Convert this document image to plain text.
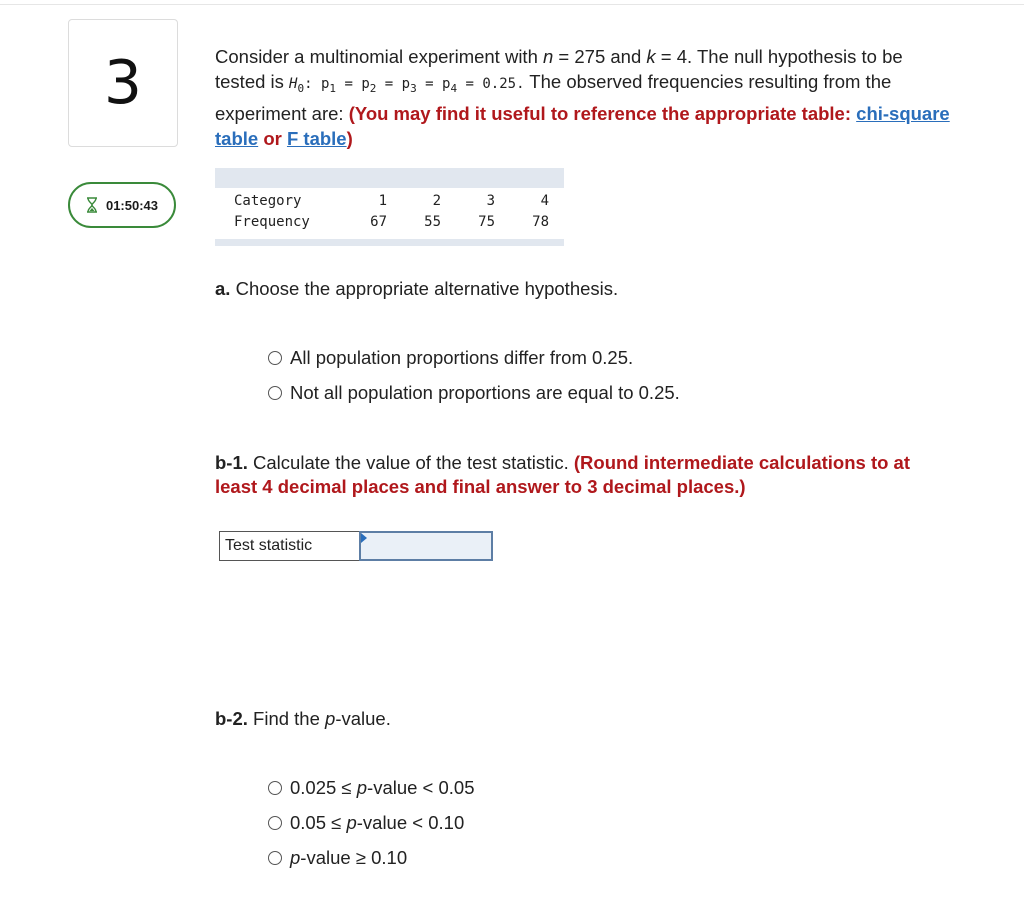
3
01:50:43

Consider a multinomial experiment with n = 275 and k = 4. The null hypothesis to be tested is $H_0$: $p_1 = p_2 = p_3 = p_4 = 0.25$. The observed frequencies resulting from the experiment are: (You may find it useful to reference the appropriate table: chi-square table or F table)

Category	1	2	3	4
Frequency	67	55	75	78
a. Choose the appropriate alternative hypothesis.
All population proportions differ from 0.25.
Not all population proportions are equal to 0.25.
b-1. Calculate the value of the test statistic. (Round intermediate calculations to at least 4 decimal places and final answer to 3 decimal places.)
Test statistic
b-2. Find the p-value.
0.025 ≤ p-value < 0.05
0.05 ≤ p-value < 0.10
p-value ≥ 0.10
